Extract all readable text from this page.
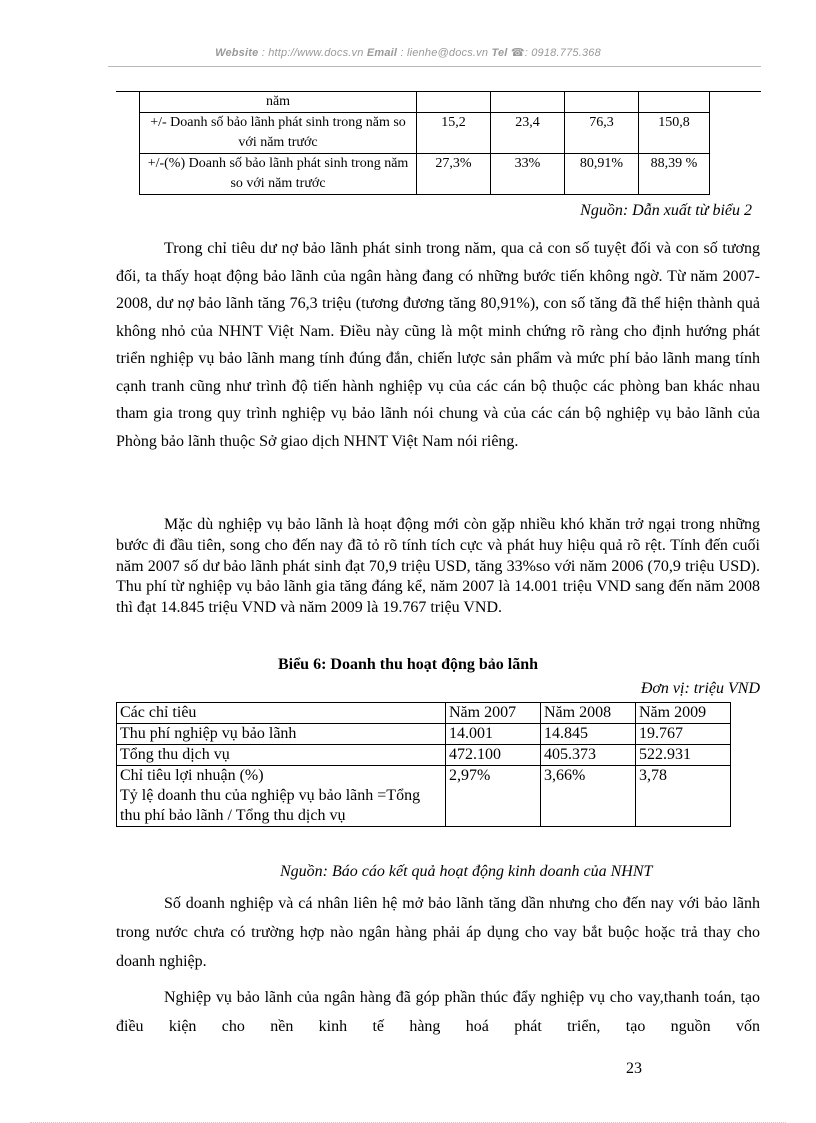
Website : http://www.docs.vn Email : lienhe@docs.vn Tel ☎: 0918.775.368
năm				
+/- Doanh số bảo lãnh phát sinh trong năm so với năm trước	15,2	23,4	76,3	150,8
+/-(%) Doanh số bảo lãnh phát sinh trong năm so với năm trước	27,3%	33%	80,91%	88,39 %
Nguồn: Dẫn xuất từ biểu 2
Trong chỉ tiêu dư nợ bảo lãnh phát sinh trong năm, qua cả con số tuyệt đối và con số tương đối, ta thấy hoạt động bảo lãnh của ngân hàng đang có những bước tiến không ngờ. Từ năm 2007-2008, dư nợ bảo lãnh tăng 76,3 triệu (tương đương tăng 80,91%), con số tăng đã thể hiện thành quả không nhỏ của NHNT Việt Nam. Điều này cũng là một minh chứng rõ ràng cho định hướng phát triển nghiệp vụ bảo lãnh mang tính đúng đắn, chiến lược sản phẩm và mức phí bảo lãnh mang tính cạnh tranh cũng như trình độ tiến hành nghiệp vụ của các cán bộ thuộc các phòng ban khác nhau tham gia trong quy trình nghiệp vụ bảo lãnh nói chung và của các cán bộ nghiệp vụ bảo lãnh của Phòng bảo lãnh thuộc Sở giao dịch NHNT Việt Nam nói riêng.
Mặc dù nghiệp vụ bảo lãnh là hoạt động mới còn gặp nhiều khó khăn trở ngại trong những bước đi đầu tiên, song cho đến nay đã tỏ rõ tính tích cực và phát huy hiệu quả rõ rệt. Tính đến cuối năm 2007 số dư bảo lãnh phát sinh đạt 70,9 triệu USD, tăng 33%so với năm 2006 (70,9 triệu USD). Thu phí từ nghiệp vụ bảo lãnh gia tăng đáng kể, năm 2007 là 14.001 triệu VND sang đến năm 2008 thì đạt 14.845 triệu VND và năm 2009 là 19.767 triệu VND.
Biểu 6: Doanh thu hoạt động bảo lãnh
Đơn vị: triệu VND
Các chỉ tiêu	Năm 2007	Năm 2008	Năm 2009
Thu phí nghiệp vụ bảo lãnh	14.001	14.845	19.767
Tổng thu dịch vụ	472.100	405.373	522.931

Chỉ tiêu lợi nhuận (%)
Tỷ lệ doanh thu của nghiệp vụ bảo lãnh =Tổng thu phí bảo lãnh / Tổng thu dịch vụ	2,97%	3,66%	3,78
Nguồn: Báo cáo kết quả hoạt động kinh doanh của NHNT
Số doanh nghiệp và cá nhân liên hệ mở bảo lãnh tăng dần nhưng cho đến nay với bảo lãnh trong nước chưa có trường hợp nào ngân hàng phải áp dụng cho vay bắt buộc hoặc trả thay cho doanh nghiệp.
Nghiệp vụ bảo lãnh của ngân hàng đã góp phần thúc đẩy nghiệp vụ cho vay,thanh toán, tạo điều kiện cho nền kinh tế hàng hoá phát triển, tạo nguồn vốn
23
